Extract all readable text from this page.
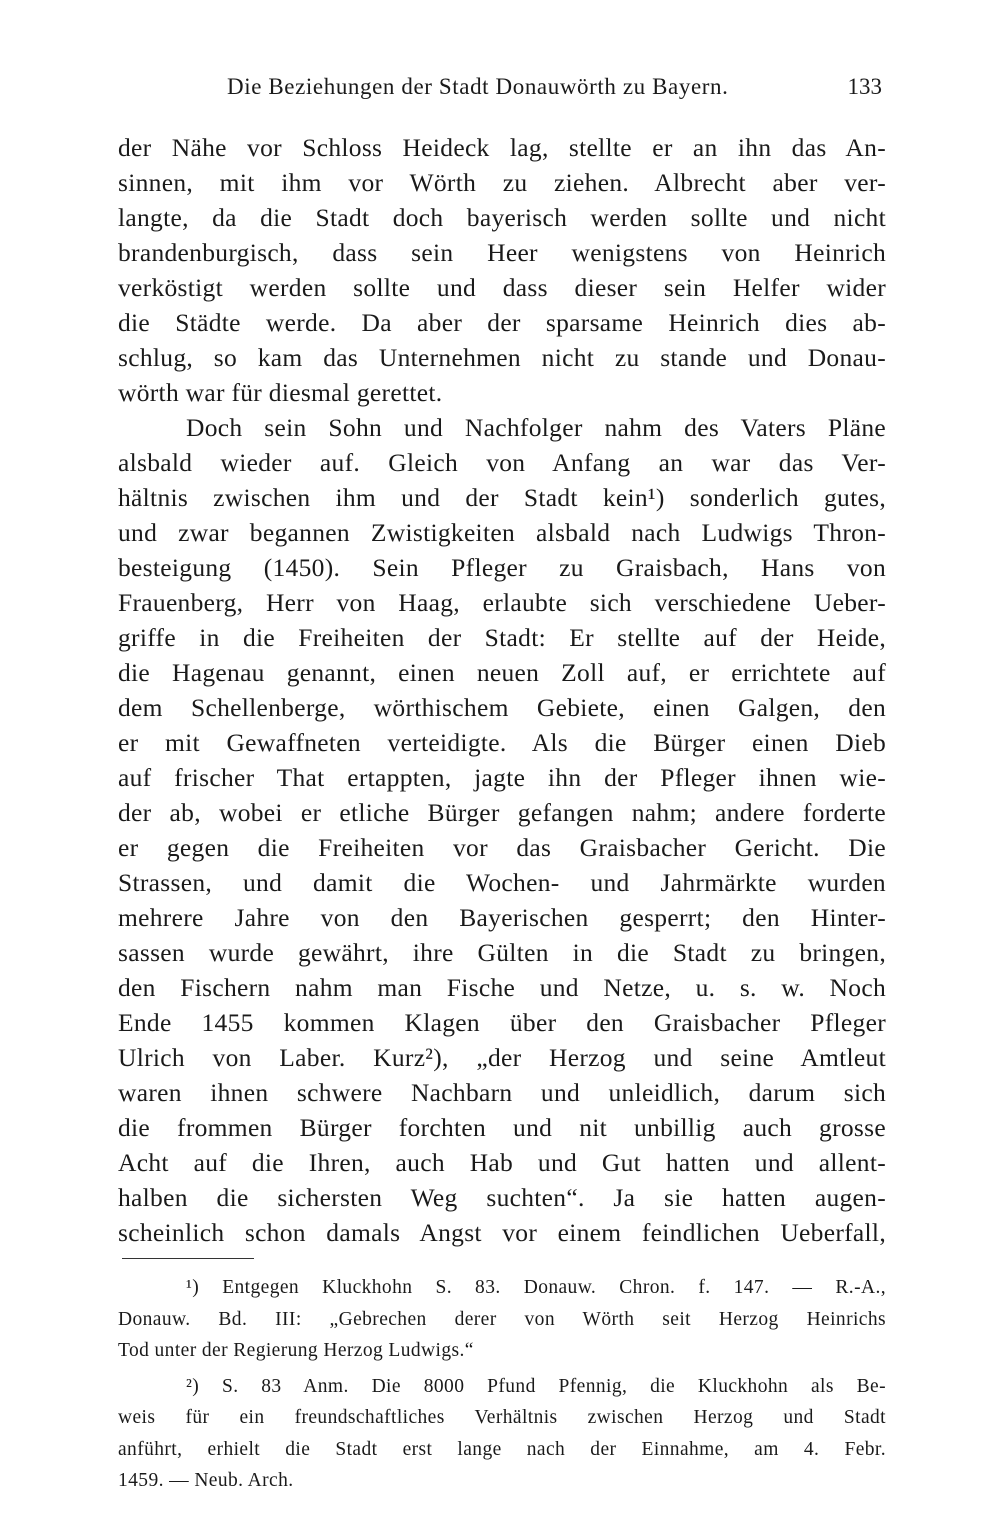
Die Beziehungen der Stadt Donauwörth zu Bayern.	133
der Nähe vor Schloss Heideck lag, stellte er an ihn das An-
sinnen, mit ihm vor Wörth zu ziehen. Albrecht aber ver-
langte, da die Stadt doch bayerisch werden sollte und nicht
brandenburgisch, dass sein Heer wenigstens von Heinrich
verköstigt werden sollte und dass dieser sein Helfer wider
die Städte werde. Da aber der sparsame Heinrich dies ab-
schlug, so kam das Unternehmen nicht zu stande und Donau-
wörth war für diesmal gerettet.
Doch sein Sohn und Nachfolger nahm des Vaters Pläne
alsbald wieder auf. Gleich von Anfang an war das Ver-
hältnis zwischen ihm und der Stadt kein¹) sonderlich gutes,
und zwar begannen Zwistigkeiten alsbald nach Ludwigs Thron-
besteigung (1450). Sein Pfleger zu Graisbach, Hans von
Frauenberg, Herr von Haag, erlaubte sich verschiedene Ueber-
griffe in die Freiheiten der Stadt: Er stellte auf der Heide,
die Hagenau genannt, einen neuen Zoll auf, er errichtete auf
dem Schellenberge, wörthischem Gebiete, einen Galgen, den
er mit Gewaffneten verteidigte. Als die Bürger einen Dieb
auf frischer That ertappten, jagte ihn der Pfleger ihnen wie-
der ab, wobei er etliche Bürger gefangen nahm; andere forderte
er gegen die Freiheiten vor das Graisbacher Gericht. Die
Strassen, und damit die Wochen- und Jahrmärkte wurden
mehrere Jahre von den Bayerischen gesperrt; den Hinter-
sassen wurde gewährt, ihre Gülten in die Stadt zu bringen,
den Fischern nahm man Fische und Netze, u. s. w. Noch
Ende 1455 kommen Klagen über den Graisbacher Pfleger
Ulrich von Laber. Kurz²), „der Herzog und seine Amtleut
waren ihnen schwere Nachbarn und unleidlich, darum sich
die frommen Bürger forchten und nit unbillig auch grosse
Acht auf die Ihren, auch Hab und Gut hatten und allent-
halben die sichersten Weg suchten“. Ja sie hatten augen-
scheinlich schon damals Angst vor einem feindlichen Ueberfall,
¹) Entgegen Kluckhohn S. 83. Donauw. Chron. f. 147. — R.-A.,
Donauw. Bd. III: „Gebrechen derer von Wörth seit Herzog Heinrichs
Tod unter der Regierung Herzog Ludwigs.“
²) S. 83 Anm. Die 8000 Pfund Pfennig, die Kluckhohn als Be-
weis für ein freundschaftliches Verhältnis zwischen Herzog und Stadt
anführt, erhielt die Stadt erst lange nach der Einnahme, am 4. Febr.
1459. — Neub. Arch.
